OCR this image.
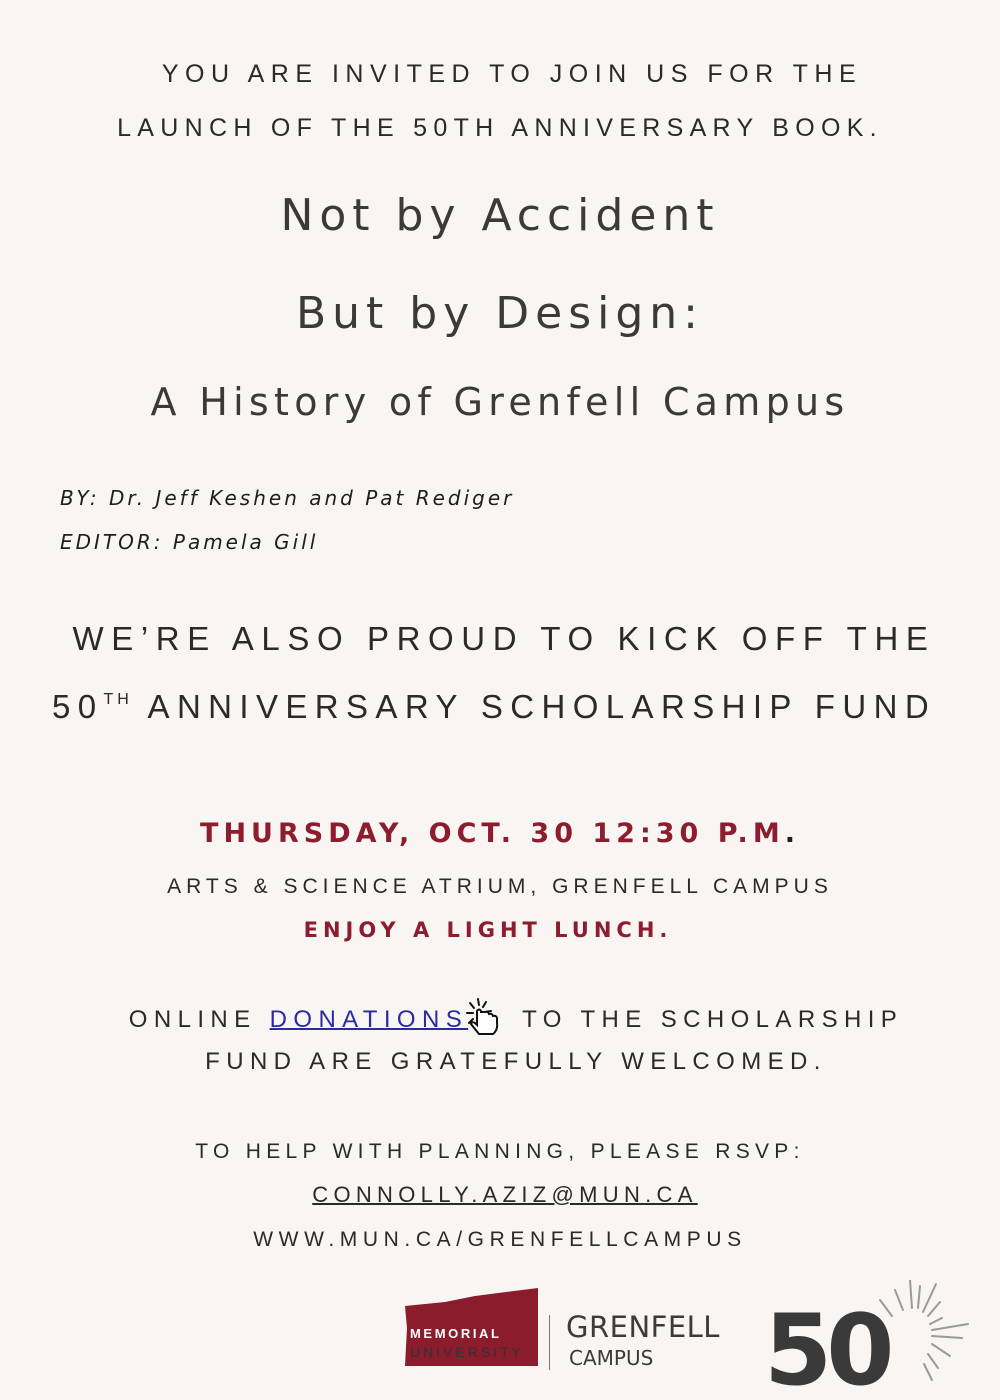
YOU ARE INVITED TO JOIN US FOR THE
LAUNCH OF THE 50TH ANNIVERSARY BOOK.
Not by Accident
But by Design:
A History of Grenfell Campus
BY: Dr. Jeff Keshen and Pat Rediger
EDITOR: Pamela Gill
WE’RE ALSO PROUD TO KICK OFF THE
50TH ANNIVERSARY SCHOLARSHIP FUND
THURSDAY, OCT. 30 12:30 P.M.
ARTS & SCIENCE ATRIUM, GRENFELL CAMPUS
ENJOY A LIGHT LUNCH.
ONLINE DONATIONS TO THE SCHOLARSHIP
FUND ARE GRATEFULLY WELCOMED.
TO HELP WITH PLANNING, PLEASE RSVP:
CONNOLLY.AZIZ@MUN.CA
WWW.MUN.CA/GRENFELLCAMPUS
MEMORIAL
UNIVERSITY
GRENFELL
CAMPUS 50
